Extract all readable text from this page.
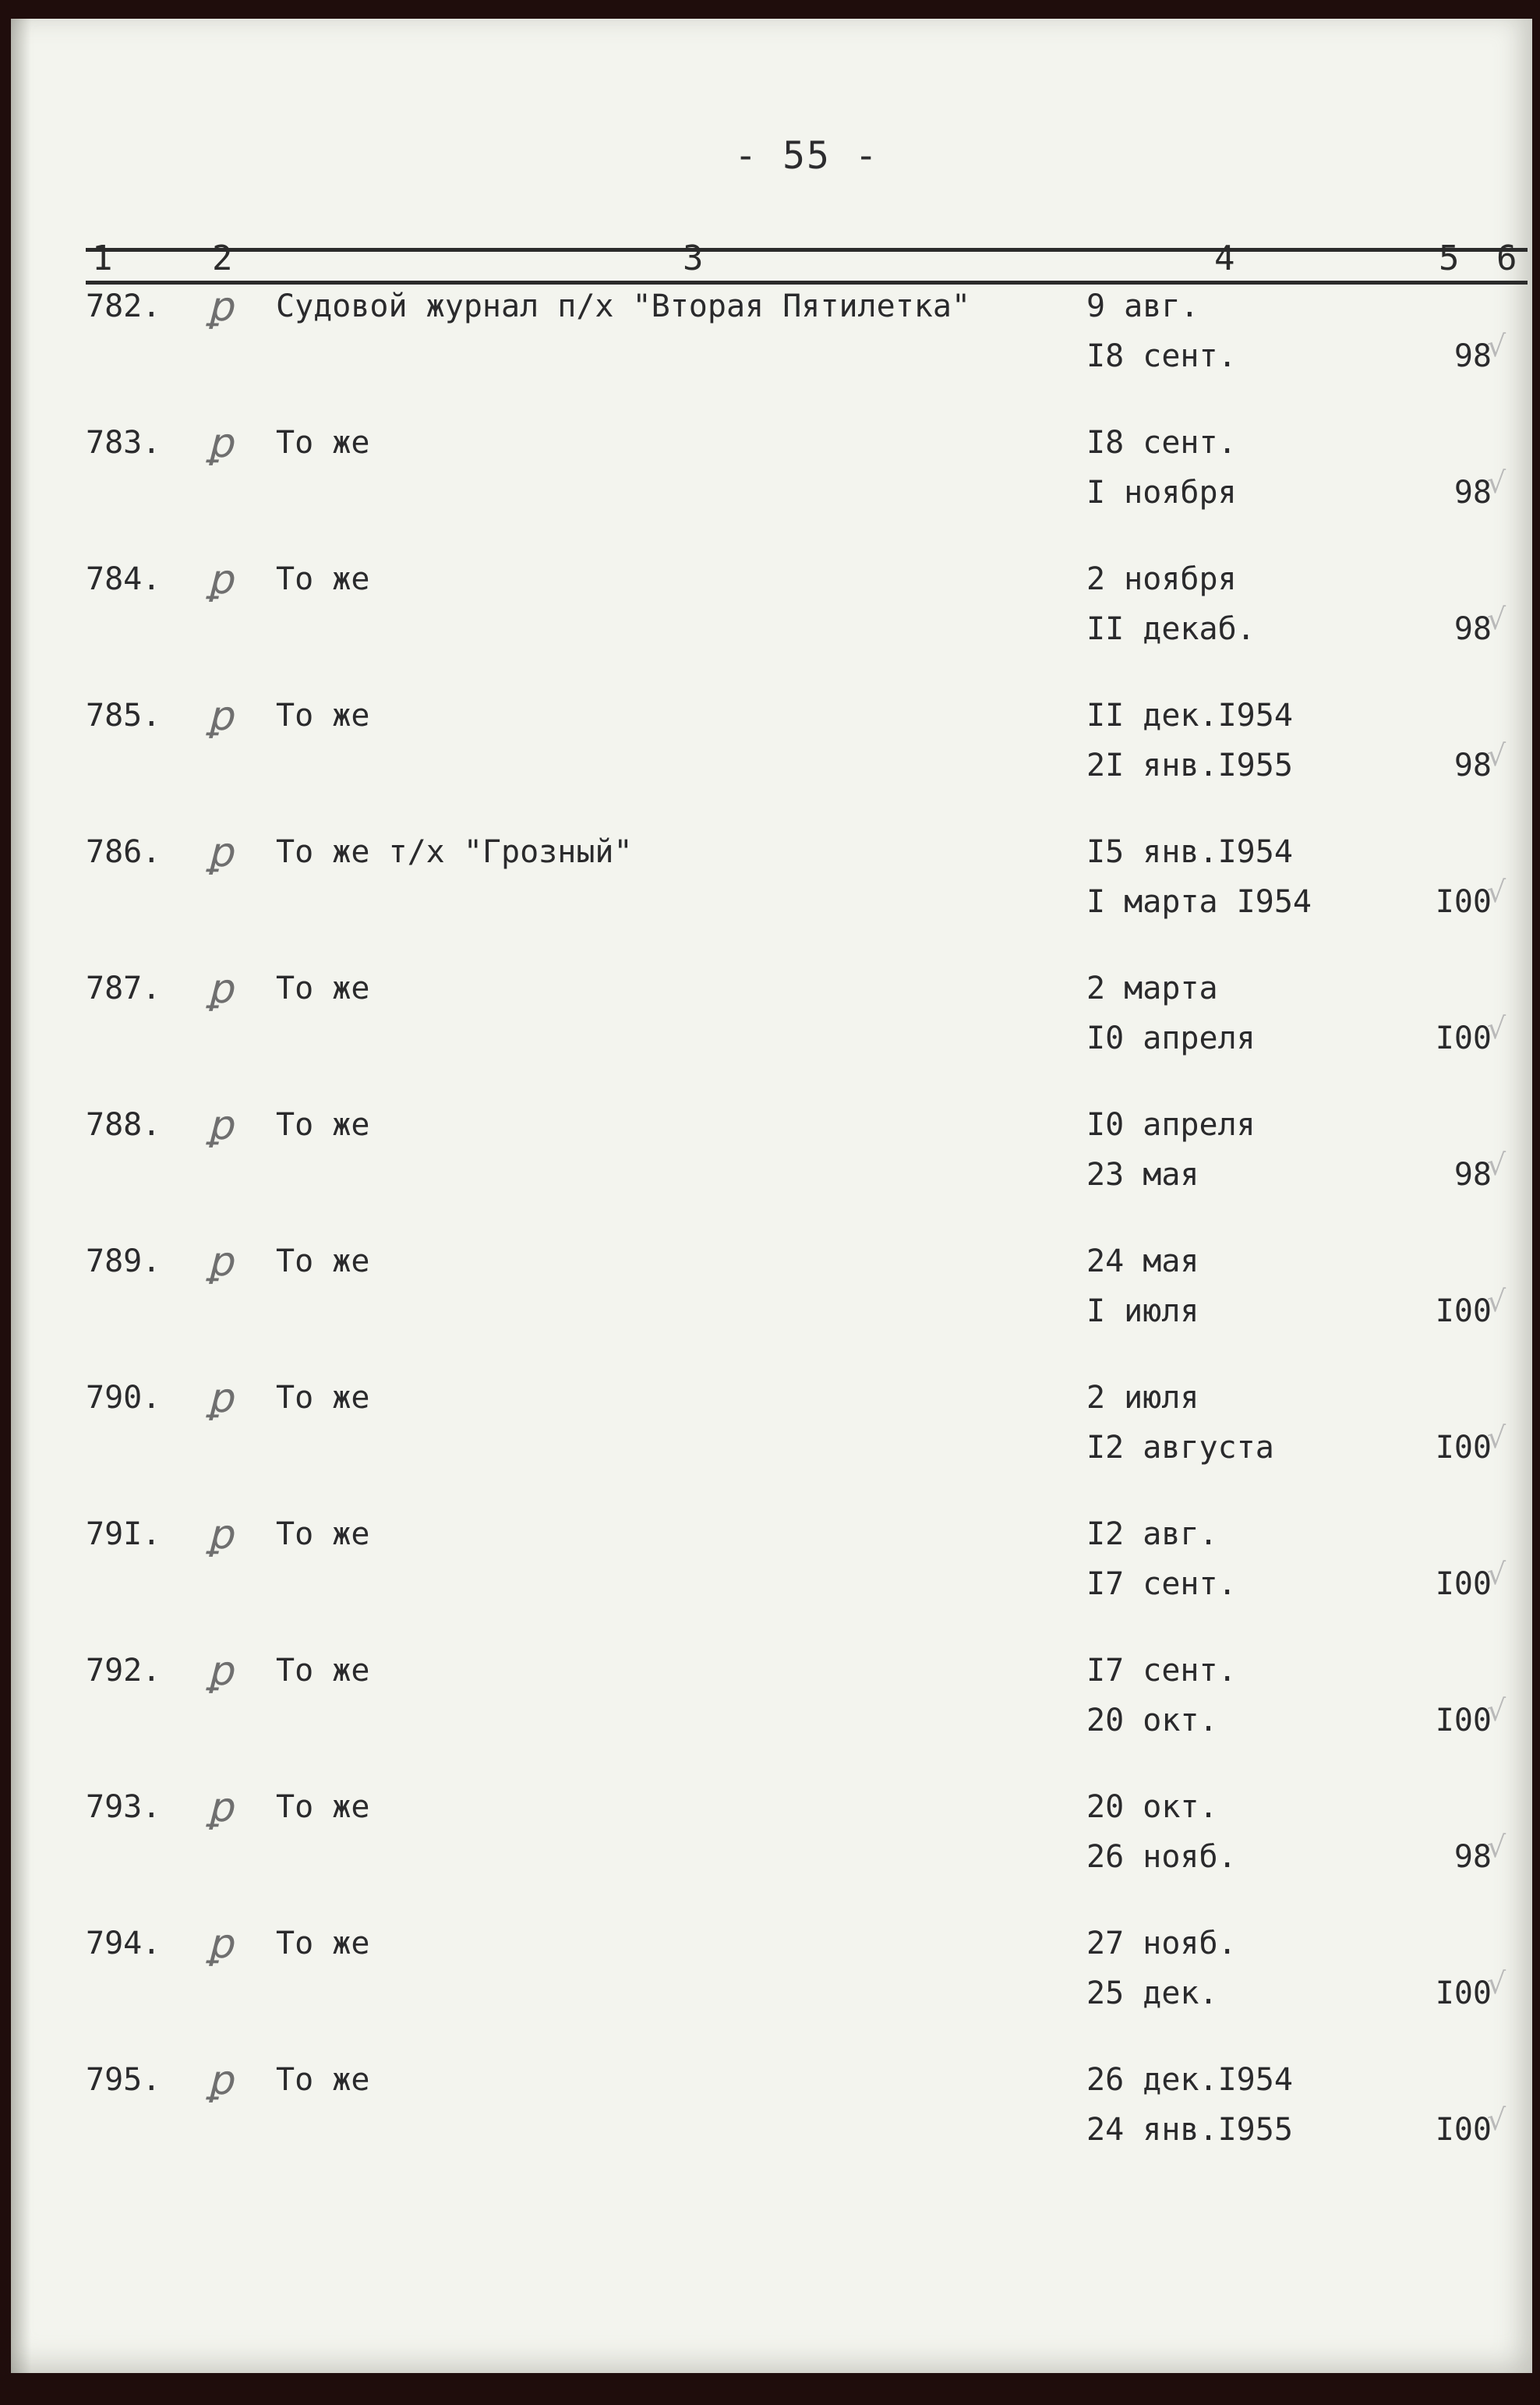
- 55 -
1	2	3	4	5 6
782. ꝑ Судовой журнал п/х "Вторая Пятилетка"	9 авг.
I8 сент.	98
√
783. ꝑ То же	I8 сент.
I ноября	98
√
784. ꝑ То же	2 ноября
II декаб.	98
√
785. ꝑ То же	II дек.I954
2I янв.I955	98
√
786. ꝑ То же т/х "Грозный"	I5 янв.I954
I марта I954	I00
√
787. ꝑ То же	2 марта
I0 апреля	I00
√
788. ꝑ То же	I0 апреля
23 мая	98
√
789. ꝑ То же	24 мая
I июля	I00
√
790. ꝑ То же	2 июля
I2 августа	I00
√
79I. ꝑ То же	I2 авг.
I7 сент.	I00
√
792. ꝑ То же	I7 сент.
20 окт.	I00
√
793. ꝑ То же	20 окт.
26 нояб.	98
√
794. ꝑ То же	27 нояб.
25 дек.	I00
√
795. ꝑ То же	26 дек.I954
24 янв.I955	I00
√
